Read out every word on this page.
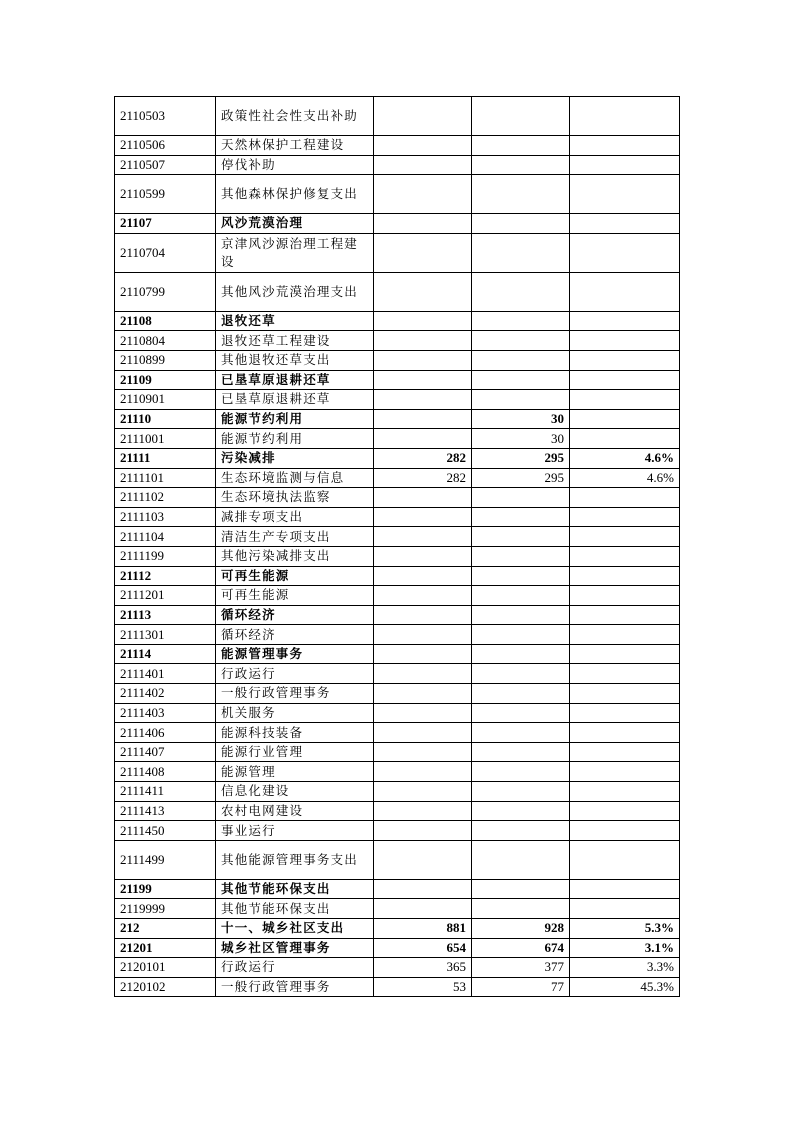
2110503	政策性社会性支出补助			
2110506	天然林保护工程建设			
2110507	停伐补助			
2110599	其他森林保护修复支出			
21107	风沙荒漠治理			
2110704	京津风沙源治理工程建设			
2110799	其他风沙荒漠治理支出			
21108	退牧还草			
2110804	退牧还草工程建设			
2110899	其他退牧还草支出			
21109	已垦草原退耕还草			
2110901	已垦草原退耕还草			
21110	能源节约利用		30	
2111001	能源节约利用		30	
21111	污染减排	282	295	4.6%
2111101	生态环境监测与信息	282	295	4.6%
2111102	生态环境执法监察			
2111103	减排专项支出			
2111104	清洁生产专项支出			
2111199	其他污染减排支出			
21112	可再生能源			
2111201	可再生能源			
21113	循环经济			
2111301	循环经济			
21114	能源管理事务			
2111401	行政运行			
2111402	一般行政管理事务			
2111403	机关服务			
2111406	能源科技装备			
2111407	能源行业管理			
2111408	能源管理			
2111411	信息化建设			
2111413	农村电网建设			
2111450	事业运行			
2111499	其他能源管理事务支出			
21199	其他节能环保支出			
2119999	其他节能环保支出			
212	十一、城乡社区支出	881	928	5.3%
21201	城乡社区管理事务	654	674	3.1%
2120101	行政运行	365	377	3.3%
2120102	一般行政管理事务	53	77	45.3%
